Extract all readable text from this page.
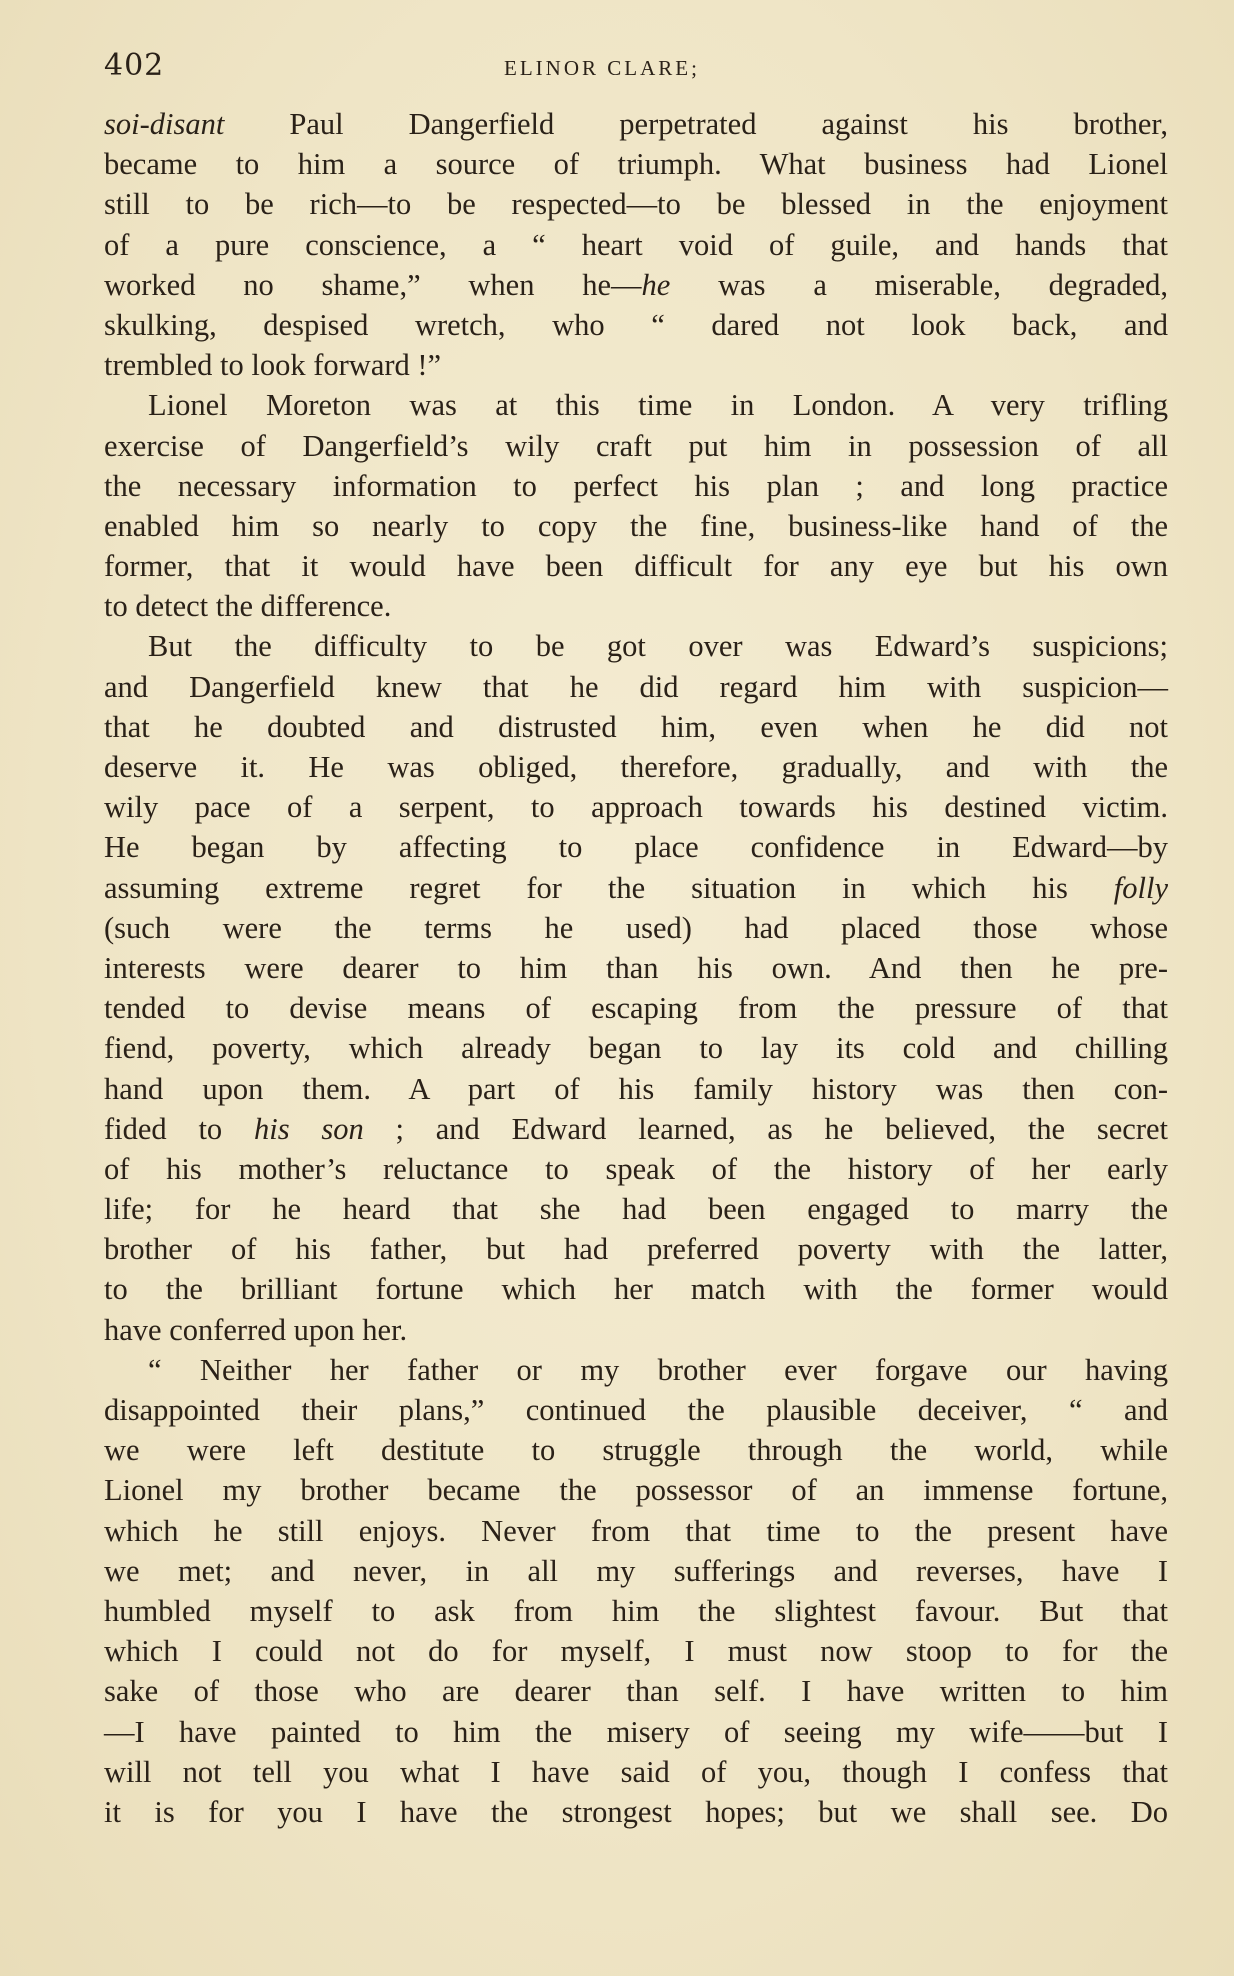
402	ELINOR CLARE;
soi-disant Paul Dangerfield perpetrated against his brother,
became to him a source of triumph. What business had Lionel
still to be rich—to be respected—to be blessed in the enjoyment
of a pure conscience, a “ heart void of guile, and hands that
worked no shame,” when he—he was a miserable, degraded,
skulking, despised wretch, who “ dared not look back, and
trembled to look forward !”
Lionel Moreton was at this time in London. A very trifling
exercise of Dangerfield’s wily craft put him in possession of all
the necessary information to perfect his plan ; and long practice
enabled him so nearly to copy the fine, business-like hand of the
former, that it would have been difficult for any eye but his own
to detect the difference.
But the difficulty to be got over was Edward’s suspicions;
and Dangerfield knew that he did regard him with suspicion—
that he doubted and distrusted him, even when he did not
deserve it. He was obliged, therefore, gradually, and with the
wily pace of a serpent, to approach towards his destined victim.
He began by affecting to place confidence in Edward—by
assuming extreme regret for the situation in which his folly
(such were the terms he used) had placed those whose
interests were dearer to him than his own. And then he pre-
tended to devise means of escaping from the pressure of that
fiend, poverty, which already began to lay its cold and chilling
hand upon them. A part of his family history was then con-
fided to his son ; and Edward learned, as he believed, the secret
of his mother’s reluctance to speak of the history of her early
life; for he heard that she had been engaged to marry the
brother of his father, but had preferred poverty with the latter,
to the brilliant fortune which her match with the former would
have conferred upon her.
“ Neither her father or my brother ever forgave our having
disappointed their plans,” continued the plausible deceiver, “ and
we were left destitute to struggle through the world, while
Lionel my brother became the possessor of an immense fortune,
which he still enjoys. Never from that time to the present have
we met; and never, in all my sufferings and reverses, have I
humbled myself to ask from him the slightest favour. But that
which I could not do for myself, I must now stoop to for the
sake of those who are dearer than self. I have written to him
—I have painted to him the misery of seeing my wife——but I
will not tell you what I have said of you, though I confess that
it is for you I have the strongest hopes; but we shall see. Do
